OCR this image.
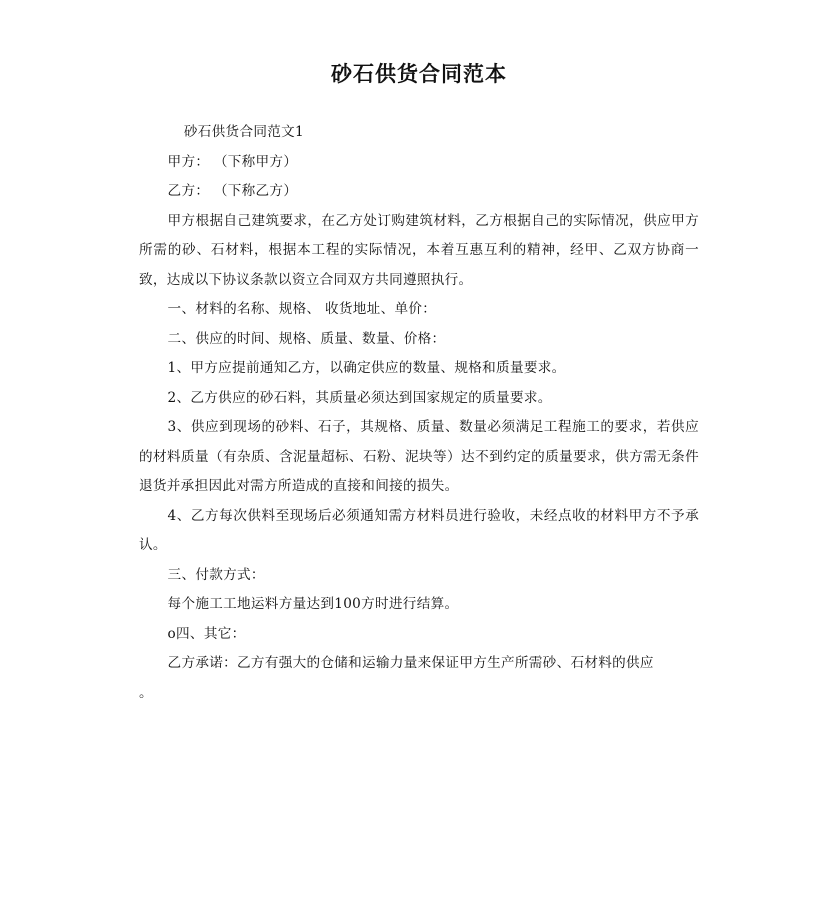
砂石供货合同范本

砂石供货合同范文1

甲方： （下称甲方）

乙方： （下称乙方）

甲方根据自己建筑要求，在乙方处订购建筑材料，乙方根据自己的实际情况，供应甲方所需的砂、石材料，根据本工程的实际情况，本着互惠互利的精神，经甲、乙双方协商一致，达成以下协议条款以资立合同双方共同遵照执行。

一、材料的名称、规格、 收货地址、单价：

二、供应的时间、规格、质量、数量、价格：

1、甲方应提前通知乙方，以确定供应的数量、规格和质量要求。

2、乙方供应的砂石料，其质量必须达到国家规定的质量要求。

3、供应到现场的砂料、石子，其规格、质量、数量必须满足工程施工的要求，若供应的材料质量（有杂质、含泥量超标、石粉、泥块等）达不到约定的质量要求，供方需无条件退货并承担因此对需方所造成的直接和间接的损失。

4、乙方每次供料至现场后必须通知需方材料员进行验收，未经点收的材料甲方不予承认。

三、付款方式：

每个施工工地运料方量达到100方时进行结算。

o四、其它：

乙方承诺：乙方有强大的仓储和运输力量来保证甲方生产所需砂、石材料的供应

。
